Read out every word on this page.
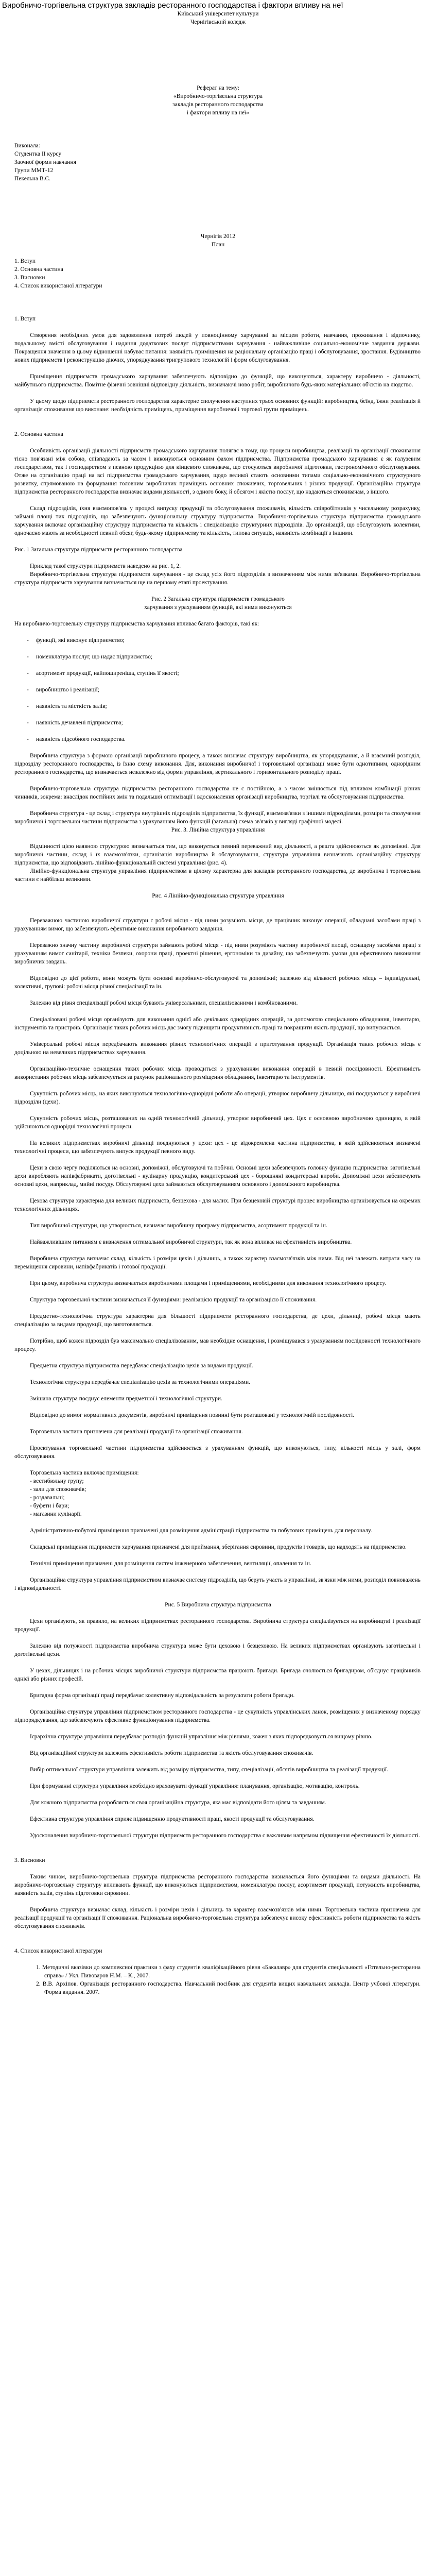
Виробничо-торгівельна структура закладів ресторанного господарства і фактори впливу на неї
Київський університет культури
Чернігівський коледж
Реферат на тему:
«Виробничо-торгівельна структура
закладів ресторанного господарства
і фактори впливу на неї»
Виконала:
Студентка ІІ курсу
Заочної форми навчання
Групи ММТ-12
Пекельна В.С.
Чернігів 2012
План
1. Вступ
2. Основна частина
3. Висновки
4. Список використаної літератури
1. Вступ

Створення необхідних умов для задоволення потреб людей у повноцінному харчуванні за місцем роботи, навчання, проживання і відпочинку, подальшому вмісті обслуговування і надання додаткових послуг підприємствами харчування - найважливіше соціально-економічне завдання держави. Покращення значення в цьому відношенні набуває питання: наявність приміщення на раціональну організацію праці і обслуговування, зростання. Будівництво нових підприємств і реконструкцію діючих, упорядкування тригрупового технологій і форм обслуговування.

Приміщення підприємств громадського харчування забезпечують відповідно до функцій, що виконуються, характеру виробничо - діяльності, майбутнього підприємства. Помітне фізичні зовнішні відповідну діяльність, визначаючі ново робіт, виробничого будь-яких матеріальних об'єктів на людство.

У цьому щодо підприємств ресторанного господарства характерне сполучення наступних трьох основних функцій: виробництва, беїнд, їжни реалізація й організація споживання що виконане: необхідність приміщень, приміщення виробничої і торгової групи приміщень.

2. Основна частина

Особливість організації діяльності підприємств громадського харчування полягає в тому, що процеси виробництва, реалізації та організації споживання тісно пов'язані між собою, співпадають за часом і виконуються основним фахом підприємства. Підприємства громадського харчування є як галузевим господарством, так і господарством з певною продукцією для кінцевого споживача, що стосуються виробничої підготовки, гастрономічного обслуговування. Отже на організацію праці на всі підприємства громадського харчування, щодо великої стають основними типами соціально-економічного структурного розвитку, спрямованою на формування головним виробничих приміщень основних споживчих, торговельних і різних продукції. Організаційна структура підприємства ресторанного господарства визначає видами діяльності, з одного боку, й обсягом і якістю послуг, що надаються споживачам, з іншого.

Склад підрозділів, їхня взаємопов'язь у процесі випуску продукції та обслуговування споживачів, кількість співробітників у чисельному розрахунку, займані площі тих підрозділів, що забезпечують функціональну структуру підприємства. Виробничо-торгівельна структура підприємства громадського харчування включає організаційну структуру підприємства та кількість і спеціалізацію структурних підрозділів. До організацій, що обслуговують колективи, одночасно мають за необхідності певний обсяг, будь-якому підприємству та кількість, типова ситуація, наявність комбінації з іншими.

Рис. 1 Загальна структура підприємств ресторанного господарства

Приклад такої структури підприємств наведено на рис. 1, 2.

Виробничо-торгівельна структура підприємств харчування - це склад усіх його підрозділів з визначенням між ними зв'язками. Виробничо-торгівельна структура підприємств харчування визначається ще на першому етапі проектування.

Рис. 2 Загальна структура підприємств громадського
харчування з урахуванням функцій, які ними виконуються

На виробничо-торговельну структуру підприємства харчування впливає багато факторів, такі як:

- функції, які виконує підприємство;
- номенклатура послуг, що надає підприємство;
- асортимент продукції, найпоширеніша, ступінь її якості;
- виробництво і реалізації;
- наявність та місткість залів;
- наявність дечавлені підприємства;
- наявність підсобного господарства.

Виробнича структура з формою організації виробничого процесу, а також визначає структуру виробництва, як упорядкування, а й взаємний розподіл, підрозділу ресторанного господарства, із їхню схему виконання. Для, виконання виробничої і торговельної організації може бути однотипним, однорідним ресторанного господарства, що визначається незалежно від форми управління, вертикального і горизонтального розподілу праці.

Виробничо-торговельна структура підприємства ресторанного господарства не є постійною, а з часом змінюється під впливом комбінації різних чинників, зокрема: внаслідок постійних змін та подальшої оптимізації і вдосконалення організації виробництва, торгівлі та обслуговування підприємства.

Виробнича структура - це склад і структура внутрішніх підрозділів підприємства, їх функції, взаємозв'язки з іншими підрозділами, розміри та сполучення виробничої і торговельної частини підприємства з урахуванням його функцій (загальна) схема зв'язків у вигляді графічної моделі.

Рис. 3. Лінійна структура управління

Відмінності цією наявною структурою визначається тим, що виконується певний переважний вид діяльності, а решта здійснюються як допоміжні. Для виробничої частини, склад і їх взаємозв'язки, організація виробництва й обслуговування, структура управління визначають організаційну структуру підприємства, що відповідають лінійно-функціональній системі управління (рис. 4).

Лінійно-функціональна структура управління підприємством в цілому характерна для закладів ресторанного господарства, де виробнича і торговельна частини є найбільш великими.

Рис. 4 Лінійно-функціональна структура управління

Переважною частиною виробничої структури є робочі місця - під ними розуміють місця, де працівник виконує операції, обладнані засобами праці з урахуванням вимог, що забезпечують ефективне виконання виробничого завдання.

Переважно значну частину виробничої структури займають робочі місця - під ними розуміють частину виробничої площі, оснащену засобами праці з урахуванням вимог санітарії, техніки безпеки, охорони праці, проектні рішення, ергономіки та дизайну, що забезпечують умови для ефективного виконання виробничих завдань.

Відповідно до цієї роботи, вони можуть бути основні виробничо-обслуговуючі та допоміжні; залежно від кількості робочих місць – індивідуальні, колективні, групові: робочі місця різної спеціалізації та ін.

Залежно від рівня спеціалізації робочі місця бувають універсальними, спеціалізованими і комбінованими.

Спеціалізовані робочі місця організують для виконання однієї або декількох однорідних операцій, за допомогою спеціального обладнання, інвентарю, інструментів та пристроїв. Організація таких робочих місць дає змогу підвищити продуктивність праці та покращити якість продукції, що випускається.

Універсальні робочі місця передбачають виконання різних технологічних операцій з приготування продукції. Організація таких робочих місць є доцільною на невеликих підприємствах харчування.

Організаційно-технічне оснащення таких робочих місць проводиться з урахуванням виконання операцій в певній послідовності. Ефективність використання робочих місць забезпечується за рахунок раціонального розміщення обладнання, інвентарю та інструментів.

Сукупність робочих місць, на яких виконуються технологічно-однорідні роботи або операції, утворює виробничу дільницю, які поєднуються у виробничі підрозділи (цехи).

Сукупність робочих місць, розташованих на одній технологічній дільниці, утворює виробничий цех. Цех є основною виробничою одиницею, в якій здійснюються однорідні технологічні процеси.

На великих підприємствах виробничі дільниці поєднуються у цехи: цех - це відокремлена частина підприємства, в якій здійснюються визначені технологічні процеси, що забезпечують випуск продукції певного виду.

Цехи в свою чергу поділяються на основні, допоміжні, обслуговуючі та побічні. Основні цехи забезпечують головну функцію підприємства: заготівельні цехи виробляють напівфабрикати, доготівельні - кулінарну продукцію, кондитерський цех - борошняні кондитерські вироби. Допоміжні цехи забезпечують основні цехи, наприклад, мийні посуду. Обслуговуючі цехи займаються обслуговуванням основного і допоміжного виробництва.

Цехова структура характерна для великих підприємств, безцехова - для малих. При безцеховій структурі процес виробництва організовується на окремих технологічних дільницях.

Тип виробничої структури, що утворюється, визначає виробничу програму підприємства, асортимент продукції та ін.

Найважливішим питанням є визначення оптимальної виробничої структури, так як вона впливає на ефективність виробництва.

Виробнича структура визначає склад, кількість і розміри цехів і дільниць, а також характер взаємозв'язків між ними. Від неї залежать витрати часу на переміщення сировини, напівфабрикатів і готової продукції.

При цьому, виробнича структура визначається виробничими площами і приміщеннями, необхідними для виконання технологічного процесу.

Структура торговельної частини визначається її функціями: реалізацією продукції та організацією її споживання.

Предметно-технологічна структура характерна для більшості підприємств ресторанного господарства, де цехи, дільниці, робочі місця мають спеціалізацію за видами продукції, що виготовляється.

Потрібно, щоб кожен підрозділ був максимально спеціалізованим, мав необхідне оснащення, і розміщувався з урахуванням послідовності технологічного процесу.

Предметна структура підприємства передбачає спеціалізацію цехів за видами продукції.

Технологічна структура передбачає спеціалізацію цехів за технологічними операціями.

Змішана структура поєднує елементи предметної і технологічної структури.

Відповідно до вимог нормативних документів, виробничі приміщення повинні бути розташовані у технологічній послідовності.

Торговельна частина призначена для реалізації продукції та організації споживання.

Проектування торговельної частини підприємства здійснюється з урахуванням функцій, що виконуються, типу, кількості місць у залі, форм обслуговування.

Торговельна частина включає приміщення:

- вестибюльну групу;
- зали для споживачів;
- роздавальні;
- буфети і бари;
- магазини кулінарії.

Адміністративно-побутові приміщення призначені для розміщення адміністрації підприємства та побутових приміщень для персоналу.

Складські приміщення підприємств харчування призначені для приймання, зберігання сировини, продуктів і товарів, що надходять на підприємство.

Технічні приміщення призначені для розміщення систем інженерного забезпечення, вентиляції, опалення та ін.

Організаційна структура управління підприємством визначає систему підрозділів, що беруть участь в управлінні, зв'язки між ними, розподіл повноважень і відповідальності.

Рис. 5 Виробнича структура підприємства

Цехи організують, як правило, на великих підприємствах ресторанного господарства. Виробнича структура спеціалізується на виробництві і реалізації продукції.

Залежно від потужності підприємства виробнича структура може бути цеховою і безцеховою. На великих підприємствах організують заготівельні і доготівельні цехи.

У цехах, дільницях і на робочих місцях виробничої структури підприємства працюють бригади. Бригада очолюється бригадиром, об'єднує працівників однієї або різних професій.

Бригадна форма організації праці передбачає колективну відповідальність за результати роботи бригади.

Організаційна структура управління підприємством ресторанного господарства - це сукупність управлінських ланок, розміщених у визначеному порядку підпорядкування, що забезпечують ефективне функціонування підприємства.

Ієрархічна структура управління передбачає розподіл функцій управління між рівнями, кожен з яких підпорядковується вищому рівню.

Від організаційної структури залежить ефективність роботи підприємства та якість обслуговування споживачів.

Вибір оптимальної структури управління залежить від розміру підприємства, типу, спеціалізації, обсягів виробництва та реалізації продукції.

При формуванні структури управління необхідно враховувати функції управління: планування, організацію, мотивацію, контроль.

Для кожного підприємства розробляється своя організаційна структура, яка має відповідати його цілям та завданням.

Ефективна структура управління сприяє підвищенню продуктивності праці, якості продукції та обслуговування.

Удосконалення виробничо-торговельної структури підприємств ресторанного господарства є важливим напрямом підвищення ефективності їх діяльності.

3. Висновки

Таким чином, виробничо-торговельна структура підприємства ресторанного господарства визначається його функціями та видами діяльності. На виробничо-торговельну структуру впливають функції, що виконуються підприємством, номенклатура послуг, асортимент продукції, потужність виробництва, наявність залів, ступінь підготовки сировини.

Виробнича структура визначає склад, кількість і розміри цехів і дільниць та характер взаємозв'язків між ними. Торговельна частина призначена для реалізації продукції та організації її споживання. Раціональна виробничо-торговельна структура забезпечує високу ефективність роботи підприємства та якість обслуговування споживачів.

4. Список використаної літератури
1. Методичні вказівки до комплексної практики з фаху студентів кваліфікаційного рівня «Бакалавр» для студентів спеціальності «Готельно-ресторанна справа» / Укл. Пивоваров Н.М. – К., 2007.
2. В.В. Архіпов. Організація ресторанного господарства. Навчальний посібник для студентів вищих навчальних закладів. Центр учбової літератури. Форма видання. 2007.
